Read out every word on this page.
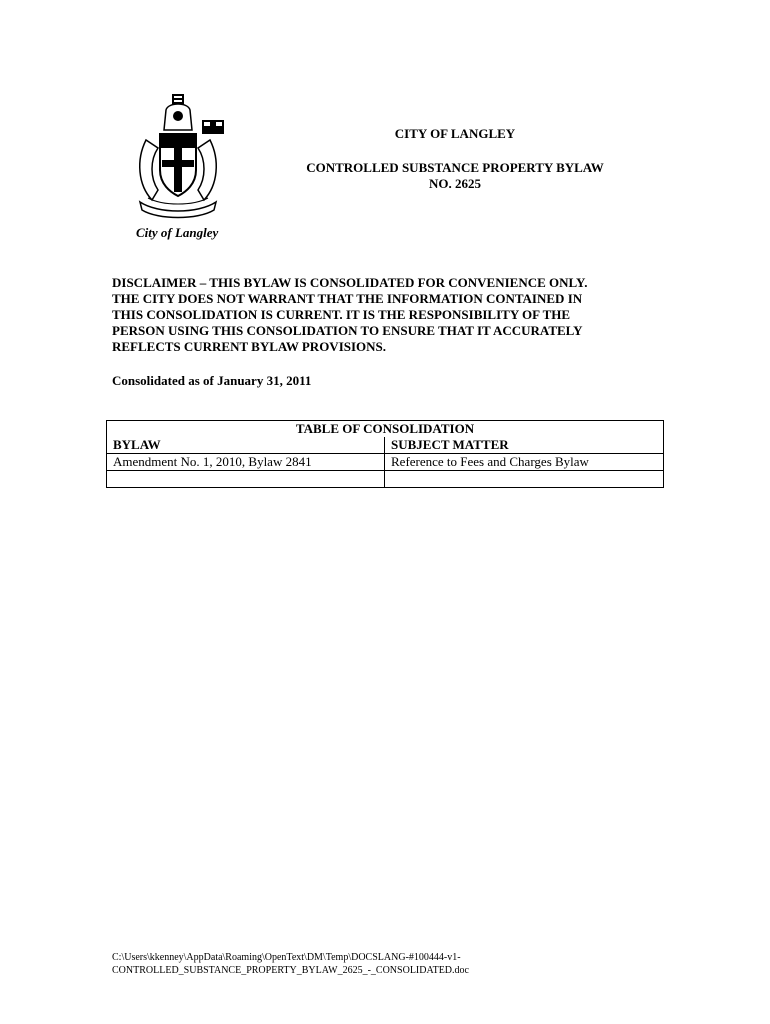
City of Langley
CITY OF LANGLEY
CONTROLLED SUBSTANCE PROPERTY BYLAW
NO. 2625
DISCLAIMER – THIS BYLAW IS CONSOLIDATED FOR CONVENIENCE ONLY.
THE CITY DOES NOT WARRANT THAT THE INFORMATION CONTAINED IN
THIS CONSOLIDATION IS CURRENT. IT IS THE RESPONSIBILITY OF THE
PERSON USING THIS CONSOLIDATION TO ENSURE THAT IT ACCURATELY
REFLECTS CURRENT BYLAW PROVISIONS.
Consolidated as of January 31, 2011
TABLE OF CONSOLIDATION	
BYLAW	SUBJECT MATTER
Amendment No. 1, 2010, Bylaw 2841	Reference to Fees and Charges Bylaw

C:\Users\kkenney\AppData\Roaming\OpenText\DM\Temp\DOCSLANG-#100444-v1-
CONTROLLED_SUBSTANCE_PROPERTY_BYLAW_2625_-_CONSOLIDATED.doc
